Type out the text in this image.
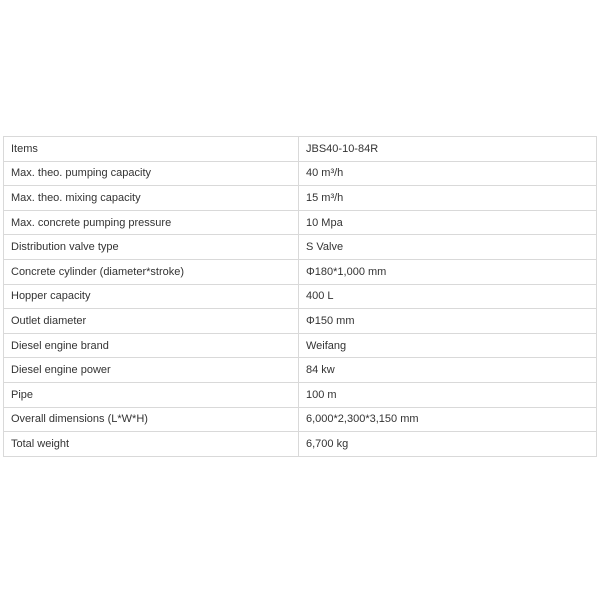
Items	JBS40-10-84R
Max. theo. pumping capacity	40 m³/h
Max. theo. mixing capacity	15 m³/h
Max. concrete pumping pressure	10 Mpa
Distribution valve type	S Valve
Concrete cylinder (diameter*stroke)	Φ180*1,000 mm
Hopper capacity	400 L
Outlet diameter	Φ150 mm
Diesel engine brand	Weifang
Diesel engine power	84 kw
Pipe	100 m
Overall dimensions (L*W*H)	6,000*2,300*3,150 mm
Total weight	6,700 kg
